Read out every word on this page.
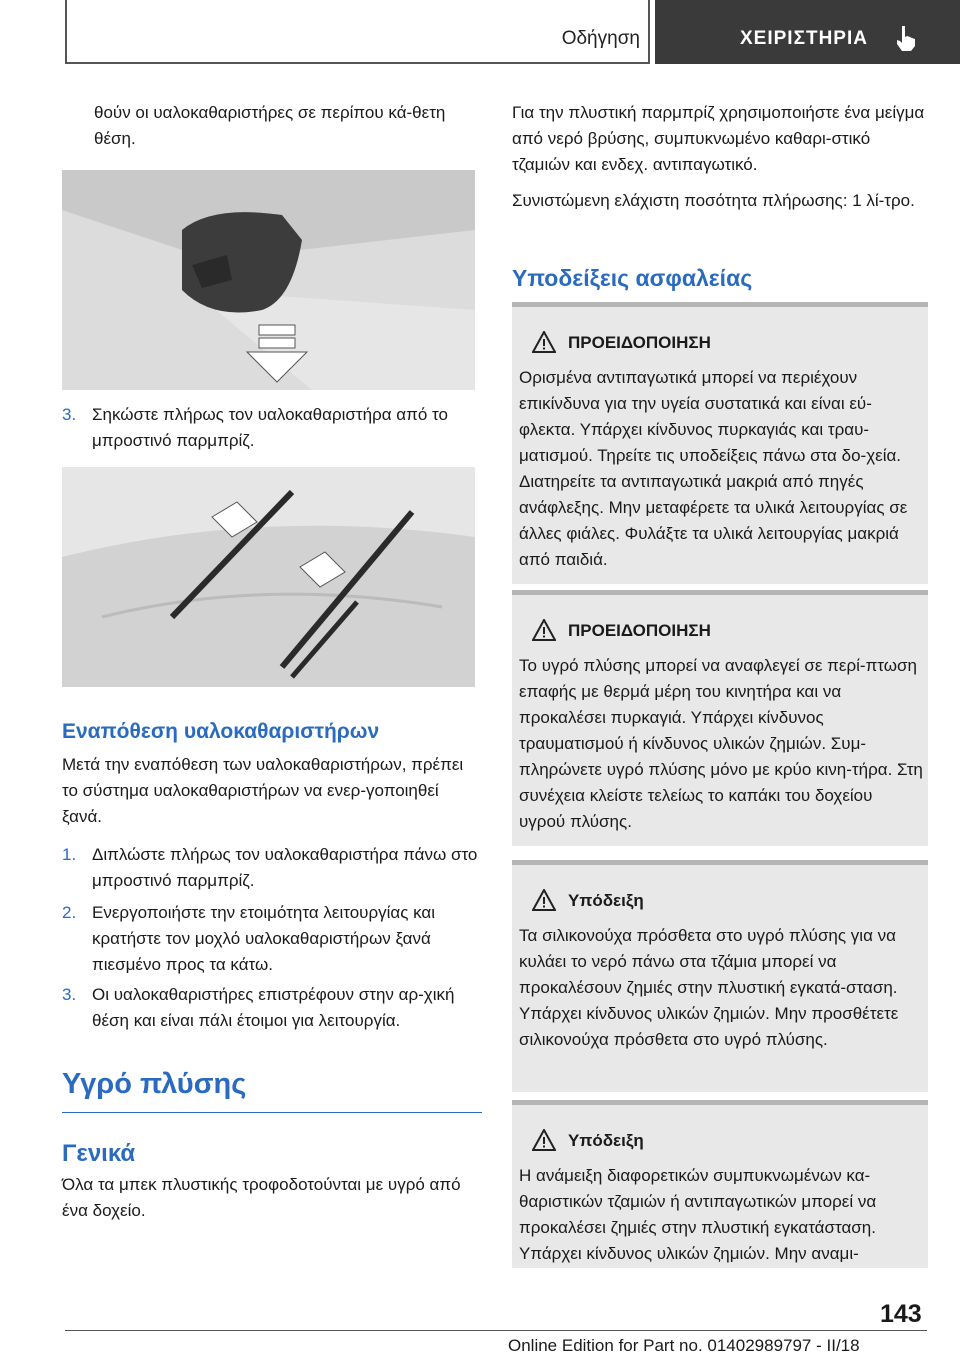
Οδήγηση	ΧΕΙΡΙΣΤΗΡΙΑ

θούν οι υαλοκαθαριστήρες σε περίπου κά-θετη θέση.

3. Σηκώστε πλήρως τον υαλοκαθαριστήρα από το μπροστινό παρμπρίζ.
Εναπόθεση υαλοκαθαριστήρων

Μετά την εναπόθεση των υαλοκαθαριστήρων, πρέπει το σύστημα υαλοκαθαριστήρων να ενερ-γοποιηθεί ξανά.

1. Διπλώστε πλήρως τον υαλοκαθαριστήρα πάνω στο μπροστινό παρμπρίζ.
2. Ενεργοποιήστε την ετοιμότητα λειτουργίας και κρατήστε τον μοχλό υαλοκαθαριστήρων ξανά πιεσμένο προς τα κάτω.
3. Οι υαλοκαθαριστήρες επιστρέφουν στην αρ-χική θέση και είναι πάλι έτοιμοι για λειτουργία.
Υγρό πλύσης
Γενικά

Όλα τα μπεκ πλυστικής τροφοδοτούνται με υγρό από ένα δοχείο.

Για την πλυστική παρμπρίζ χρησιμοποιήστε ένα μείγμα από νερό βρύσης, συμπυκνωμένο καθαρι-στικό τζαμιών και ενδεχ. αντιπαγωτικό.

Συνιστώμενη ελάχιστη ποσότητα πλήρωσης: 1 λί-τρο.

Υποδείξεις ασφαλείας
ΠΡΟΕΙΔΟΠΟΙΗΣΗ
Ορισμένα αντιπαγωτικά μπορεί να περιέχουν επικίνδυνα για την υγεία συστατικά και είναι εύ-φλεκτα. Υπάρχει κίνδυνος πυρκαγιάς και τραυ-ματισμού. Τηρείτε τις υποδείξεις πάνω στα δο-χεία. Διατηρείτε τα αντιπαγωτικά μακριά από πηγές ανάφλεξης. Μην μεταφέρετε τα υλικά λειτουργίας σε άλλες φιάλες. Φυλάξτε τα υλικά λειτουργίας μακριά από παιδιά.
ΠΡΟΕΙΔΟΠΟΙΗΣΗ
Το υγρό πλύσης μπορεί να αναφλεγεί σε περί-πτωση επαφής με θερμά μέρη του κινητήρα και να προκαλέσει πυρκαγιά. Υπάρχει κίνδυνος τραυματισμού ή κίνδυνος υλικών ζημιών. Συμ-πληρώνετε υγρό πλύσης μόνο με κρύο κινη-τήρα. Στη συνέχεια κλείστε τελείως το καπάκι του δοχείου υγρού πλύσης.
Υπόδειξη
Τα σιλικονούχα πρόσθετα στο υγρό πλύσης για να κυλάει το νερό πάνω στα τζάμια μπορεί να προκαλέσουν ζημιές στην πλυστική εγκατά-σταση. Υπάρχει κίνδυνος υλικών ζημιών. Μην προσθέτετε σιλικονούχα πρόσθετα στο υγρό πλύσης.
Υπόδειξη
Η ανάμειξη διαφορετικών συμπυκνωμένων κα-θαριστικών τζαμιών ή αντιπαγωτικών μπορεί να προκαλέσει ζημιές στην πλυστική εγκατάσταση. Υπάρχει κίνδυνος υλικών ζημιών. Μην αναμι-
143
Online Edition for Part no. 01402989797 - II/18
